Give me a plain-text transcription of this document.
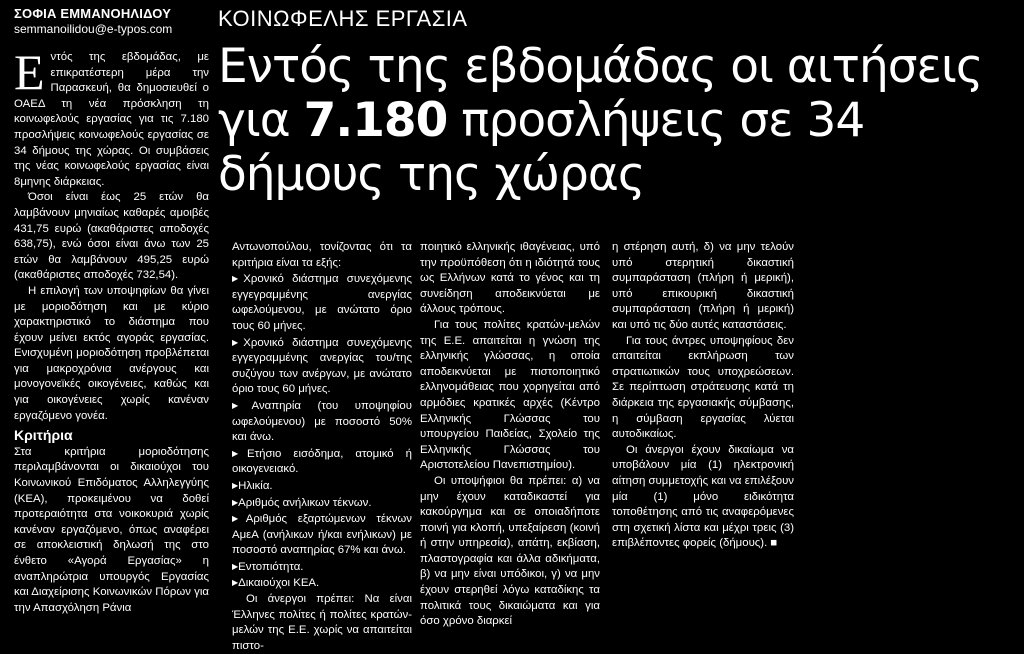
ΣΟΦΙΑ ΕΜΜΑΝΟΗΛΙΔΟΥ
semmanoilidou@e-typos.com	ΚΟΙΝΩΦΕΛΗΣ ΕΡΓΑΣΙΑ
Εντός της εβδομάδας οι αιτήσεις για 7.180 προσλήψεις σε 34 δήμους της χώρας

Εντός της εβδομάδας, με επικρατέστερη μέρα την Παρασκευή, θα δημοσιευθεί ο ΟΑΕΔ τη νέα πρόσκληση τη κοινωφελούς εργασίας για τις 7.180 προσλήψεις κοινωφελούς εργασίας σε 34 δήμους της χώρας. Οι συμβάσεις της νέας κοινωφελούς εργασίας είναι 8μηνης διάρκειας.

Όσοι είναι έως 25 ετών θα λαμβάνουν μηνιαίως καθαρές αμοιβές 431,75 ευρώ (ακαθάριστες αποδοχές 638,75), ενώ όσοι είναι άνω των 25 ετών θα λαμβάνουν 495,25 ευρώ (ακαθάριστες αποδοχές 732,54).

Η επιλογή των υποψηφίων θα γίνει με μοριοδότηση και με κύριο χαρακτηριστικό το διάστημα που έχουν μείνει εκτός αγοράς εργασίας. Ενισχυμένη μοριοδότηση προβλέπεται για μακροχρόνια ανέργους και μονογονεϊκές οικογένειες, καθώς και για οικογένειες χωρίς κανέναν εργαζόμενο γονέα.

Κριτήρια

Στα κριτήρια μοριοδότησης περιλαμβάνονται οι δικαιούχοι του Κοινωνικού Επιδόματος Αλληλεγγύης (ΚΕΑ), προκειμένου να δοθεί προτεραιότητα στα νοικοκυριά χωρίς κανέναν εργαζόμενο, όπως αναφέρει σε αποκλειστική δηλωσή της στο ένθετο «Αγορά Εργασίας» η αναπληρώτρια υπουργός Εργασίας και Διαχείρισης Κοινωνικών Πόρων για την Απασχόληση Ράνια

Αντωνοπούλου, τονίζοντας ότι τα κριτήρια είναι τα εξής:

▶ Χρονικό διάστημα συνεχόμενης εγγεγραμμένης ανεργίας ωφελούμενου, με ανώτατο όριο τους 60 μήνες.

▶ Χρονικό διάστημα συνεχόμενης εγγεγραμμένης ανεργίας του/της συζύγου των ανέργων, με ανώτατο όριο τους 60 μήνες.

▶ Αναπηρία (του υποψηφίου ωφελούμενου) με ποσοστό 50% και άνω.

▶ Ετήσιο εισόδημα, ατομικό ή οικογενειακό.

▶ Ηλικία.

▶ Αριθμός ανήλικων τέκνων.

▶ Αριθμός εξαρτώμενων τέκνων ΑμεΑ (ανήλικων ή/και ενήλικων) με ποσοστό αναπηρίας 67% και άνω.

▶ Εντοπιότητα.

▶ Δικαιούχοι ΚΕΑ.

Οι άνεργοι πρέπει: Να είναι Έλληνες πολίτες ή πολίτες κρατών-μελών της Ε.Ε. χωρίς να απαιτείται πιστο-

ποιητικό ελληνικής ιθαγένειας, υπό την προϋπόθεση ότι η ιδιότητά τους ως Ελλήνων κατά το γένος και τη συνείδηση αποδεικνύεται με άλλους τρόπους.

Για τους πολίτες κρατών-μελών της Ε.Ε. απαιτείται η γνώση της ελληνικής γλώσσας, η οποία αποδεικνύεται με πιστοποιητικό ελληνομάθειας που χορηγείται από αρμόδιες κρατικές αρχές (Κέντρο Ελληνικής Γλώσσας του υπουργείου Παιδείας, Σχολείο της Ελληνικής Γλώσσας του Αριστοτελείου Πανεπιστημίου).

Οι υποψήφιοι θα πρέπει: α) να μην έχουν καταδικαστεί για κακούργημα και σε οποιαδήποτε ποινή για κλοπή, υπεξαίρεση (κοινή ή στην υπηρεσία), απάτη, εκβίαση, πλαστογραφία και άλλα αδικήματα, β) να μην είναι υπόδικοι, γ) να μην έχουν στερηθεί λόγω καταδίκης τα πολιτικά τους δικαιώματα και για όσο χρόνο διαρκεί

η στέρηση αυτή, δ) να μην τελούν υπό στερητική δικαστική συμπαράσταση (πλήρη ή μερική), υπό επικουρική δικαστική συμπαράσταση (πλήρη ή μερική) και υπό τις δύο αυτές καταστάσεις.

Για τους άντρες υποψηφίους δεν απαιτείται εκπλήρωση των στρατιωτικών τους υποχρεώσεων. Σε περίπτωση στράτευσης κατά τη διάρκεια της εργασιακής σύμβασης, η σύμβαση εργασίας λύεται αυτοδικαίως.

Οι άνεργοι έχουν δικαίωμα να υποβάλουν μία (1) ηλεκτρονική αίτηση συμμετοχής και να επιλέξουν μία (1) μόνο ειδικότητα τοποθέτησης από τις αναφερόμενες στη σχετική λίστα και μέχρι τρεις (3) επιβλέποντες φορείς (δήμους). ■
